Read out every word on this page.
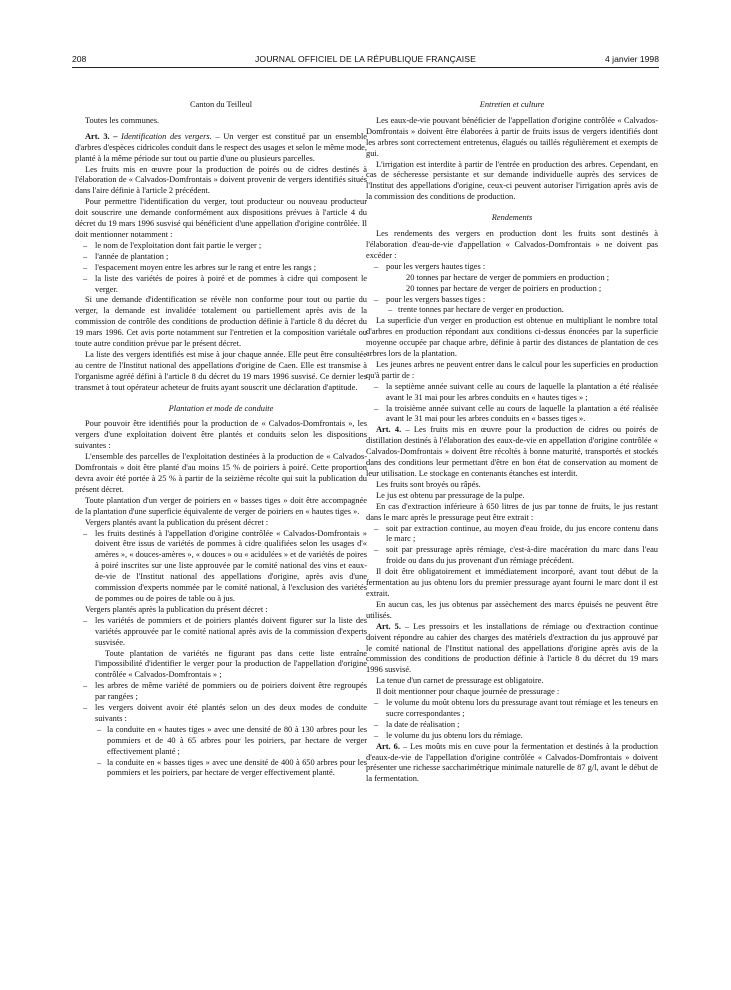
208	JOURNAL OFFICIEL DE LA RÉPUBLIQUE FRANÇAISE	4 janvier 1998

Canton du Teilleul

Toutes les communes.

Art. 3. – Identification des vergers. – Un verger est constitué par un ensemble d'arbres d'espèces cidricoles conduit dans le respect des usages et selon le même mode, planté à la même période sur tout ou partie d'une ou plusieurs parcelles.

Les fruits mis en œuvre pour la production de poirés ou de cidres destinés à l'élaboration de « Calvados-Domfrontais » doivent provenir de vergers identifiés situés dans l'aire définie à l'article 2 précédent.

Pour permettre l'identification du verger, tout producteur ou nouveau producteur doit souscrire une demande conformément aux dispositions prévues à l'article 4 du décret du 19 mars 1996 susvisé qui bénéficient d'une appellation d'origine contrôlée. Il doit mentionner notamment :

– le nom de l'exploitation dont fait partie le verger ;
– l'année de plantation ;
– l'espacement moyen entre les arbres sur le rang et entre les rangs ;
– la liste des variétés de poires à poiré et de pommes à cidre qui composent le verger.

Si une demande d'identification se révèle non conforme pour tout ou partie du verger, la demande est invalidée totalement ou partiellement après avis de la commission de contrôle des conditions de production définie à l'article 8 du décret du 19 mars 1996. Cet avis porte notamment sur l'entretien et la composition variétale ou toute autre condition prévue par le présent décret.

La liste des vergers identifiés est mise à jour chaque année. Elle peut être consultée au centre de l'Institut national des appellations d'origine de Caen. Elle est transmise à l'organisme agréé défini à l'article 8 du décret du 19 mars 1996 susvisé. Ce dernier les transmet à tout opérateur acheteur de fruits ayant souscrit une déclaration d'aptitude.

Plantation et mode de conduite

Pour pouvoir être identifiés pour la production de « Calvados-Domfrontais », les vergers d'une exploitation doivent être plantés et conduits selon les dispositions suivantes :

L'ensemble des parcelles de l'exploitation destinées à la production de « Calvados-Domfrontais » doit être planté d'au moins 15 % de poiriers à poiré. Cette proportion devra avoir été portée à 25 % à partir de la seizième récolte qui suit la publication du présent décret.

Toute plantation d'un verger de poiriers en « basses tiges » doit être accompagnée de la plantation d'une superficie équivalente de verger de poiriers en « hautes tiges ».

Vergers plantés avant la publication du présent décret :

– les fruits destinés à l'appellation d'origine contrôlée « Calvados-Domfrontais » doivent être issus de variétés de pommes à cidre qualifiées selon les usages d'« amères », « douces-amères », « douces » ou « acidulées » et de variétés de poires à poiré inscrites sur une liste approuvée par le comité national des vins et eaux-de-vie de l'Institut national des appellations d'origine, après avis d'une commission d'experts nommée par le comité national, à l'exclusion des variétés de pommes ou de poires de table ou à jus.

Vergers plantés après la publication du présent décret :

– les variétés de pommiers et de poiriers plantés doivent figurer sur la liste des variétés approuvée par le comité national après avis de la commission d'experts susvisée.

Toute plantation de variétés ne figurant pas dans cette liste entraîne l'impossibilité d'identifier le verger pour la production de l'appellation d'origine contrôlée « Calvados-Domfrontais » ;

– les arbres de même variété de pommiers ou de poiriers doivent être regroupés par rangées ;
– les vergers doivent avoir été plantés selon un des deux modes de conduite suivants :
– la conduite en « hautes tiges » avec une densité de 80 à 130 arbres pour les pommiers et de 40 à 65 arbres pour les poiriers, par hectare de verger effectivement planté ;
– la conduite en « basses tiges » avec une densité de 400 à 650 arbres pour les pommiers et les poiriers, par hectare de verger effectivement planté.

Entretien et culture

Les eaux-de-vie pouvant bénéficier de l'appellation d'origine contrôlée « Calvados-Domfrontais » doivent être élaborées à partir de fruits issus de vergers identifiés dont les arbres sont correctement entretenus, élagués ou taillés régulièrement et exempts de gui.

L'irrigation est interdite à partir de l'entrée en production des arbres. Cependant, en cas de sécheresse persistante et sur demande individuelle auprès des services de l'Institut des appellations d'origine, ceux-ci peuvent autoriser l'irrigation après avis de la commission des conditions de production.

Rendements

Les rendements des vergers en production dont les fruits sont destinés à l'élaboration d'eau-de-vie d'appellation « Calvados-Domfrontais » ne doivent pas excéder :

– pour les vergers hautes tiges :

20 tonnes par hectare de verger de pommiers en production ;

20 tonnes par hectare de verger de poiriers en production ;

– pour les vergers basses tiges :
– trente tonnes par hectare de verger en production.

La superficie d'un verger en production est obtenue en multipliant le nombre total d'arbres en production répondant aux conditions ci-dessus énoncées par la superficie moyenne occupée par chaque arbre, définie à partir des distances de plantation de ces arbres lors de la plantation.

Les jeunes arbres ne peuvent entrer dans le calcul pour les superficies en production qu'à partir de :

– la septième année suivant celle au cours de laquelle la plantation a été réalisée avant le 31 mai pour les arbres conduits en « hautes tiges » ;
– la troisième année suivant celle au cours de laquelle la plantation a été réalisée avant le 31 mai pour les arbres conduits en « basses tiges ».

Art. 4. – Les fruits mis en œuvre pour la production de cidres ou poirés de distillation destinés à l'élaboration des eaux-de-vie en appellation d'origine contrôlée « Calvados-Domfrontais » doivent être récoltés à bonne maturité, transportés et stockés dans des conditions leur permettant d'être en bon état de conservation au moment de leur utilisation. Le stockage en contenants étanches est interdit.

Les fruits sont broyés ou râpés.

Le jus est obtenu par pressurage de la pulpe.

En cas d'extraction inférieure à 650 litres de jus par tonne de fruits, le jus restant dans le marc après le pressurage peut être extrait :

– soit par extraction continue, au moyen d'eau froide, du jus encore contenu dans le marc ;
– soit par pressurage après rémiage, c'est-à-dire macération du marc dans l'eau froide ou dans du jus provenant d'un rémiage précédent.

Il doit être obligatoirement et immédiatement incorporé, avant tout début de la fermentation au jus obtenu lors du premier pressurage ayant fourni le marc dont il est extrait.

En aucun cas, les jus obtenus par assèchement des marcs épuisés ne peuvent être utilisés.

Art. 5. – Les pressoirs et les installations de rémiage ou d'extraction continue doivent répondre au cahier des charges des matériels d'extraction du jus approuvé par le comité national de l'Institut national des appellations d'origine après avis de la commission des conditions de production définie à l'article 8 du décret du 19 mars 1996 susvisé.

La tenue d'un carnet de pressurage est obligatoire.

Il doit mentionner pour chaque journée de pressurage :

– le volume du moût obtenu lors du pressurage avant tout rémiage et les teneurs en sucre correspondantes ;
– la date de réalisation ;
– le volume du jus obtenu lors du rémiage.

Art. 6. – Les moûts mis en cuve pour la fermentation et destinés à la production d'eaux-de-vie de l'appellation d'origine contrôlée « Calvados-Domfrontais » doivent présenter une richesse saccharimétrique minimale naturelle de 87 g/l, avant le début de la fermentation.
